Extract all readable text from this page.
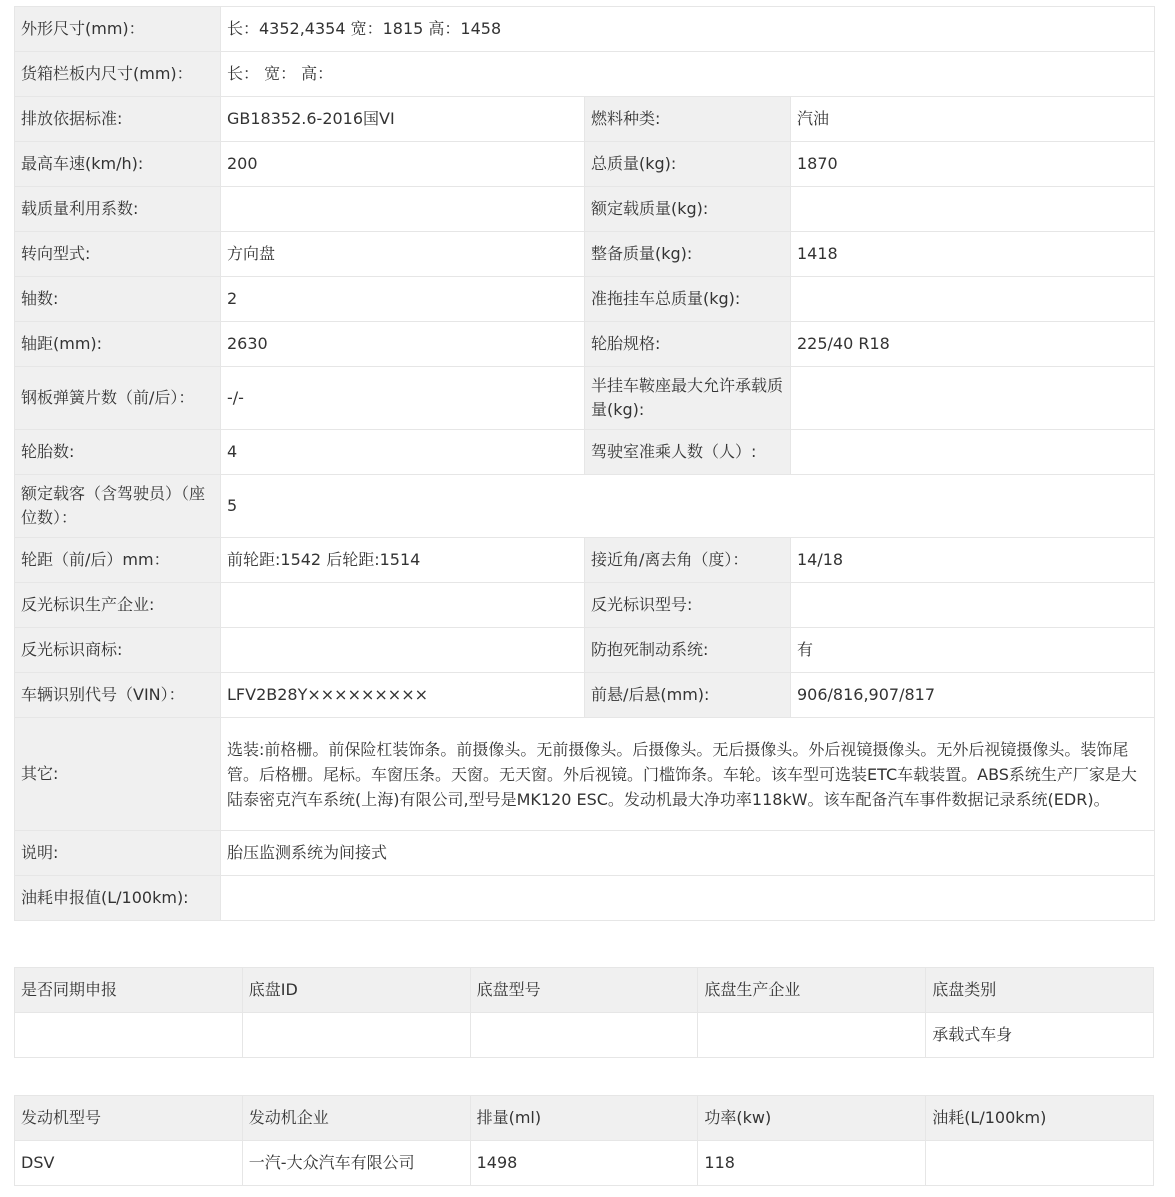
外形尺寸(mm)：	长：4352,4354 宽：1815 高：1458		
货箱栏板内尺寸(mm)：	长： 宽： 高：		
排放依据标准:	GB18352.6-2016国VI	燃料种类:	汽油
最高车速(km/h):	200	总质量(kg):	1870
载质量利用系数:		额定载质量(kg):	
转向型式:	方向盘	整备质量(kg):	1418
轴数:	2	准拖挂车总质量(kg):	
轴距(mm):	2630	轮胎规格:	225/40 R18
钢板弹簧片数（前/后）：	-/-	半挂车鞍座最大允许承载质量(kg):	
轮胎数:	4	驾驶室准乘人数（人）:	
额定载客（含驾驶员）（座位数）：	5		
轮距（前/后）mm：	前轮距:1542 后轮距:1514	接近角/离去角（度）：	14/18
反光标识生产企业:		反光标识型号:	
反光标识商标:		防抱死制动系统:	有
车辆识别代号（VIN）：	LFV2B28Y×××××××××	前悬/后悬(mm):	906/816,907/817
其它:	选装:前格栅。前保险杠装饰条。前摄像头。无前摄像头。后摄像头。无后摄像头。外后视镜摄像头。无外后视镜摄像头。装饰尾管。后格栅。尾标。车窗压条。天窗。无天窗。外后视镜。门槛饰条。车轮。该车型可选装ETC车载装置。ABS系统生产厂家是大陆泰密克汽车系统(上海)有限公司,型号是MK120 ESC。发动机最大净功率118kW。该车配备汽车事件数据记录系统(EDR)。		
说明:	胎压监测系统为间接式		
油耗申报值(L/100km):			
是否同期申报	底盘ID	底盘型号	底盘生产企业	底盘类别
				承载式车身
发动机型号	发动机企业	排量(ml)	功率(kw)	油耗(L/100km)
DSV	一汽-大众汽车有限公司	1498	118	
